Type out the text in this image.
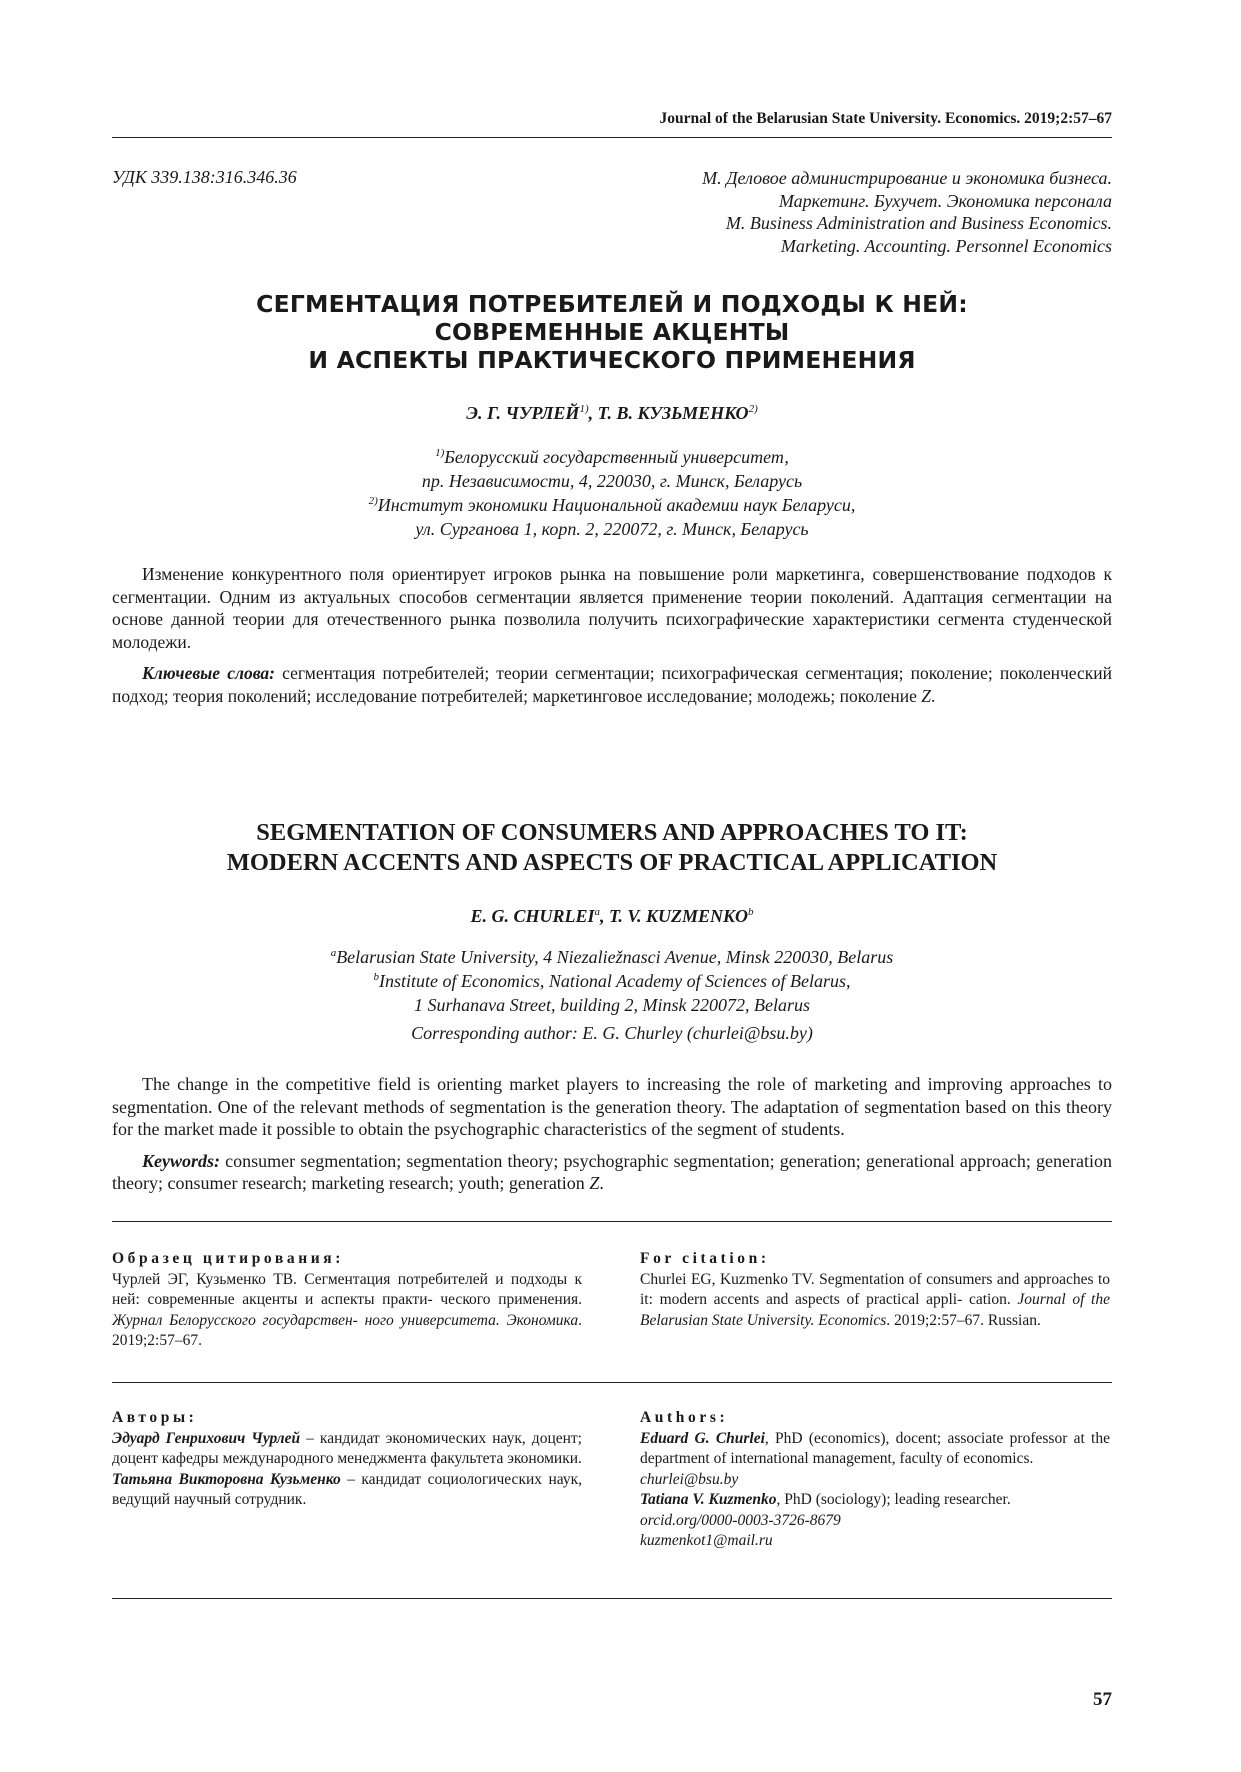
Journal of the Belarusian State University. Economics. 2019;2:57–67
УДК 339.138:316.346.36	M. Деловое администрирование и экономика бизнеса.
Маркетинг. Бухучет. Экономика персонала
M. Business Administration and Business Economics.
Marketing. Accounting. Personnel Economics
СЕГМЕНТАЦИЯ ПОТРЕБИТЕЛЕЙ И ПОДХОДЫ К НЕЙ:
СОВРЕМЕННЫЕ АКЦЕНТЫ
И АСПЕКТЫ ПРАКТИЧЕСКОГО ПРИМЕНЕНИЯ
Э. Г. ЧУРЛЕЙ$^{1)}$, Т. В. КУЗЬМЕНКО$^{2)}$
$^{1)}$Белорусский государственный университет,
пр. Независимости, 4, 220030, г. Минск, Беларусь
$^{2)}$Институт экономики Национальной академии наук Беларуси,
ул. Сурганова 1, корп. 2, 220072, г. Минск, Беларусь

Изменение конкурентного поля ориентирует игроков рынка на повышение роли маркетинга, совершенствование подходов к сегментации. Одним из актуальных способов сегментации является применение теории поколений. Адаптация сегментации на основе данной теории для отечественного рынка позволила получить психографические характеристики сегмента студенческой молодежи.

Ключевые слова: сегментация потребителей; теории сегментации; психографическая сегментация; поколение; поколенческий подход; теория поколений; исследование потребителей; маркетинговое исследование; молодежь; поколение Z.

SEGMENTATION OF CONSUMERS AND APPROACHES TO IT:
MODERN ACCENTS AND ASPECTS OF PRACTICAL APPLICATION
E. G. CHURLEI$^a$, T. V. KUZMENKO$^b$
$^a$Belarusian State University, 4 Niezaliežnasci Avenue, Minsk 220030, Belarus
$^b$Institute of Economics, National Academy of Sciences of Belarus,
1 Surhanava Street, building 2, Minsk 220072, Belarus
Corresponding author: E. G. Churley (churlei@bsu.by)

The change in the competitive field is orienting market players to increasing the role of marketing and improving approaches to segmentation. One of the relevant methods of segmentation is the generation theory. The adaptation of segmentation based on this theory for the market made it possible to obtain the psychographic characteristics of the segment of students.

Keywords: consumer segmentation; segmentation theory; psychographic segmentation; generation; generational approach; generation theory; consumer research; marketing research; youth; generation Z.

Образец цитирования:

Чурлей ЭГ, Кузьменко ТВ. Сегментация потребителей и подходы к ней: современные акценты и аспекты практи- ческого применения. Журнал Белорусского государствен- ного университета. Экономика. 2019;2:57–67.

For citation:

Churlei EG, Kuzmenko TV. Segmentation of consumers and approaches to it: modern accents and aspects of practical appli- cation. Journal of the Belarusian State University. Economics. 2019;2:57–67. Russian.

Авторы:

Эдуард Генрихович Чурлей – кандидат экономических наук, доцент; доцент кафедры международного менеджмента факультета экономики.

Татьяна Викторовна Кузьменко – кандидат социологических наук, ведущий научный сотрудник.

Authors:

Eduard G. Churlei, PhD (economics), docent; associate professor at the department of international management, faculty of economics.

churlei@bsu.by

Tatiana V. Kuzmenko, PhD (sociology); leading researcher.

orcid.org/0000-0003-3726-8679
kuzmenkot1@mail.ru
57
